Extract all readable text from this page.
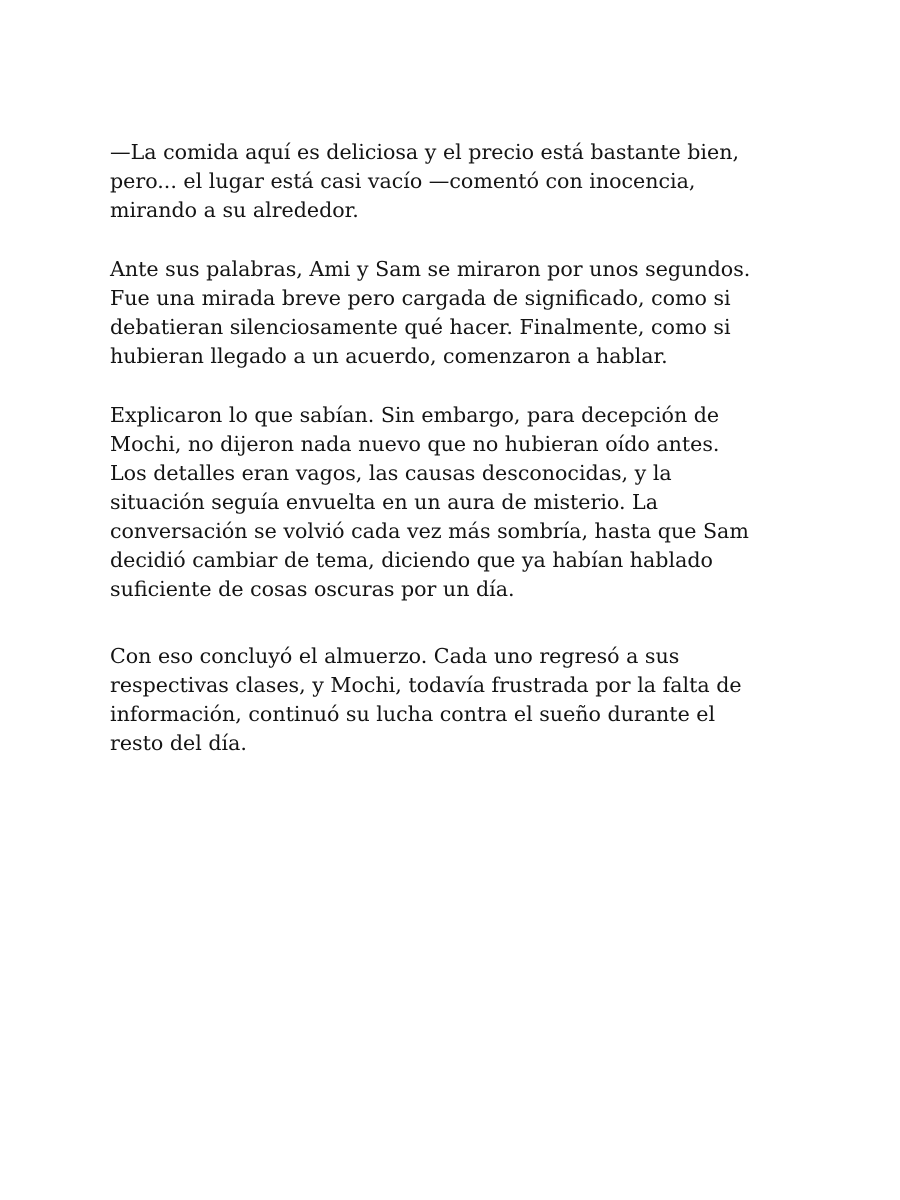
—La comida aquí es deliciosa y el precio está bastante bien,
pero... el lugar está casi vacío —comentó con inocencia,
mirando a su alrededor.

Ante sus palabras, Ami y Sam se miraron por unos segundos.
Fue una mirada breve pero cargada de significado, como si
debatieran silenciosamente qué hacer. Finalmente, como si
hubieran llegado a un acuerdo, comenzaron a hablar.

Explicaron lo que sabían. Sin embargo, para decepción de
Mochi, no dijeron nada nuevo que no hubieran oído antes.
Los detalles eran vagos, las causas desconocidas, y la
situación seguía envuelta en un aura de misterio. La
conversación se volvió cada vez más sombría, hasta que Sam
decidió cambiar de tema, diciendo que ya habían hablado
suficiente de cosas oscuras por un día.

Con eso concluyó el almuerzo. Cada uno regresó a sus
respectivas clases, y Mochi, todavía frustrada por la falta de
información, continuó su lucha contra el sueño durante el
resto del día.
